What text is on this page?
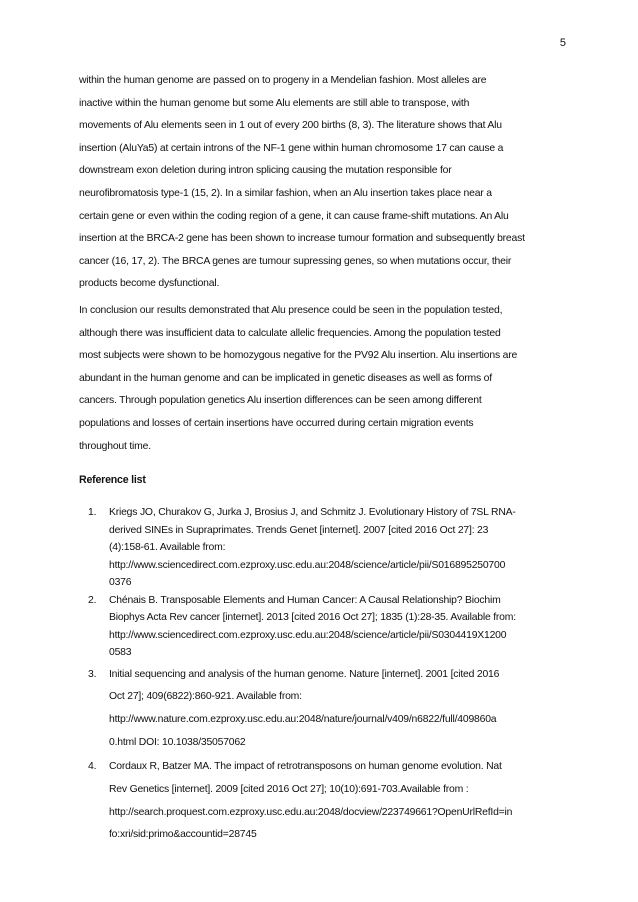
5

within the human genome are passed on to progeny in a Mendelian fashion. Most alleles are
inactive within the human genome but some Alu elements are still able to transpose, with
movements of Alu elements seen in 1 out of every 200 births (8, 3). The literature shows that Alu
insertion (AluYa5) at certain introns of the NF-1 gene within human chromosome 17 can cause a
downstream exon deletion during intron splicing causing the mutation responsible for
neurofibromatosis type-1 (15, 2). In a similar fashion, when an Alu insertion takes place near a
certain gene or even within the coding region of a gene, it can cause frame-shift mutations. An Alu
insertion at the BRCA-2 gene has been shown to increase tumour formation and subsequently breast
cancer (16, 17, 2). The BRCA genes are tumour supressing genes, so when mutations occur, their
products become dysfunctional.

In conclusion our results demonstrated that Alu presence could be seen in the population tested,
although there was insufficient data to calculate allelic frequencies. Among the population tested
most subjects were shown to be homozygous negative for the PV92 Alu insertion. Alu insertions are
abundant in the human genome and can be implicated in genetic diseases as well as forms of
cancers. Through population genetics Alu insertion differences can be seen among different
populations and losses of certain insertions have occurred during certain migration events
throughout time.

Reference list
1. Kriegs JO, Churakov G, Jurka J, Brosius J, and Schmitz J. Evolutionary History of 7SL RNA-
derived SINEs in Supraprimates. Trends Genet [internet]. 2007 [cited 2016 Oct 27]: 23
(4):158-61. Available from:
http://www.sciencedirect.com.ezproxy.usc.edu.au:2048/science/article/pii/S016895250700
0376
2. Chénais B. Transposable Elements and Human Cancer: A Causal Relationship? Biochim
Biophys Acta Rev cancer [internet]. 2013 [cited 2016 Oct 27]; 1835 (1):28-35. Available from:
http://www.sciencedirect.com.ezproxy.usc.edu.au:2048/science/article/pii/S0304419X1200
0583
3. Initial sequencing and analysis of the human genome. Nature [internet]. 2001 [cited 2016
Oct 27]; 409(6822):860-921. Available from:
http://www.nature.com.ezproxy.usc.edu.au:2048/nature/journal/v409/n6822/full/409860a
0.html DOI: 10.1038/35057062
4. Cordaux R, Batzer MA. The impact of retrotransposons on human genome evolution. Nat
Rev Genetics [internet]. 2009 [cited 2016 Oct 27]; 10(10):691-703.Available from :
http://search.proquest.com.ezproxy.usc.edu.au:2048/docview/223749661?OpenUrlRefId=in
fo:xri/sid:primo&accountid=28745
